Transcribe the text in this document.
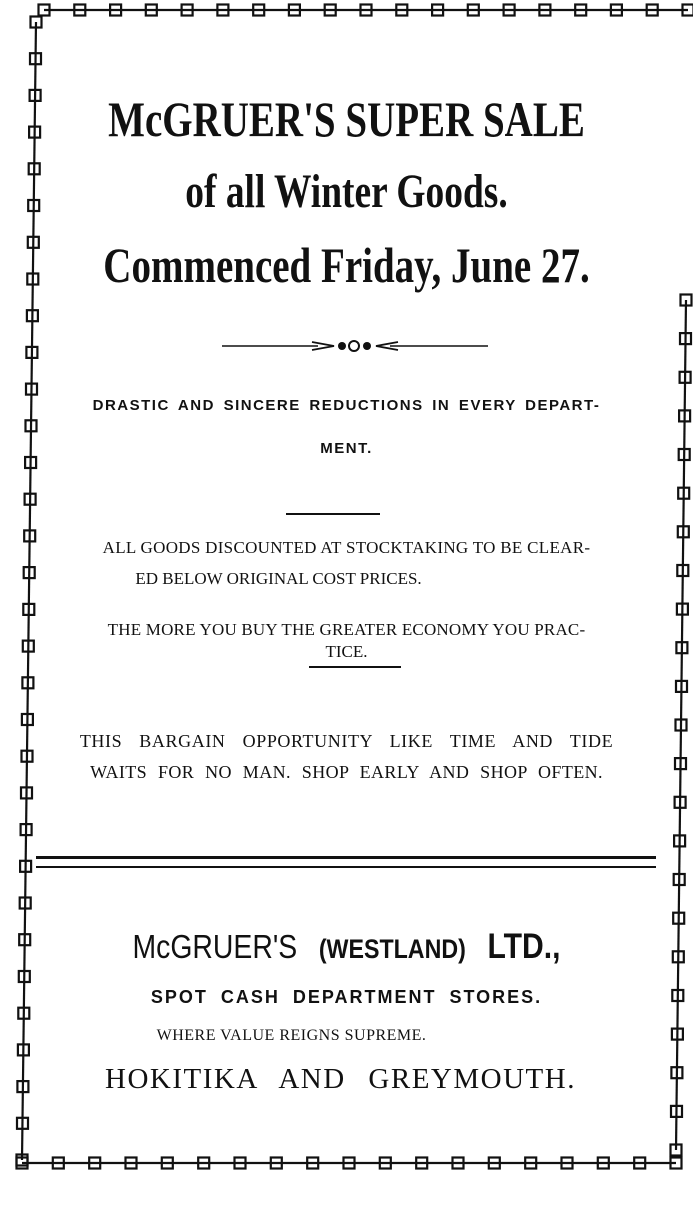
McGRUER'S SUPER SALE
of all Winter Goods.
Commenced Friday, June 27.
DRASTIC AND SINCERE REDUCTIONS IN EVERY DEPART-
MENT.
ALL GOODS DISCOUNTED AT STOCKTAKING TO BE CLEAR-
ED BELOW ORIGINAL COST PRICES.
THE MORE YOU BUY THE GREATER ECONOMY YOU PRAC-
TICE.
THIS BARGAIN OPPORTUNITY LIKE TIME AND TIDE
WAITS FOR NO MAN. SHOP EARLY AND SHOP OFTEN.
McGRUER'S (WESTLAND) LTD.,
SPOT CASH DEPARTMENT STORES.
WHERE VALUE REIGNS SUPREME.
HOKITIKA AND GREYMOUTH.
